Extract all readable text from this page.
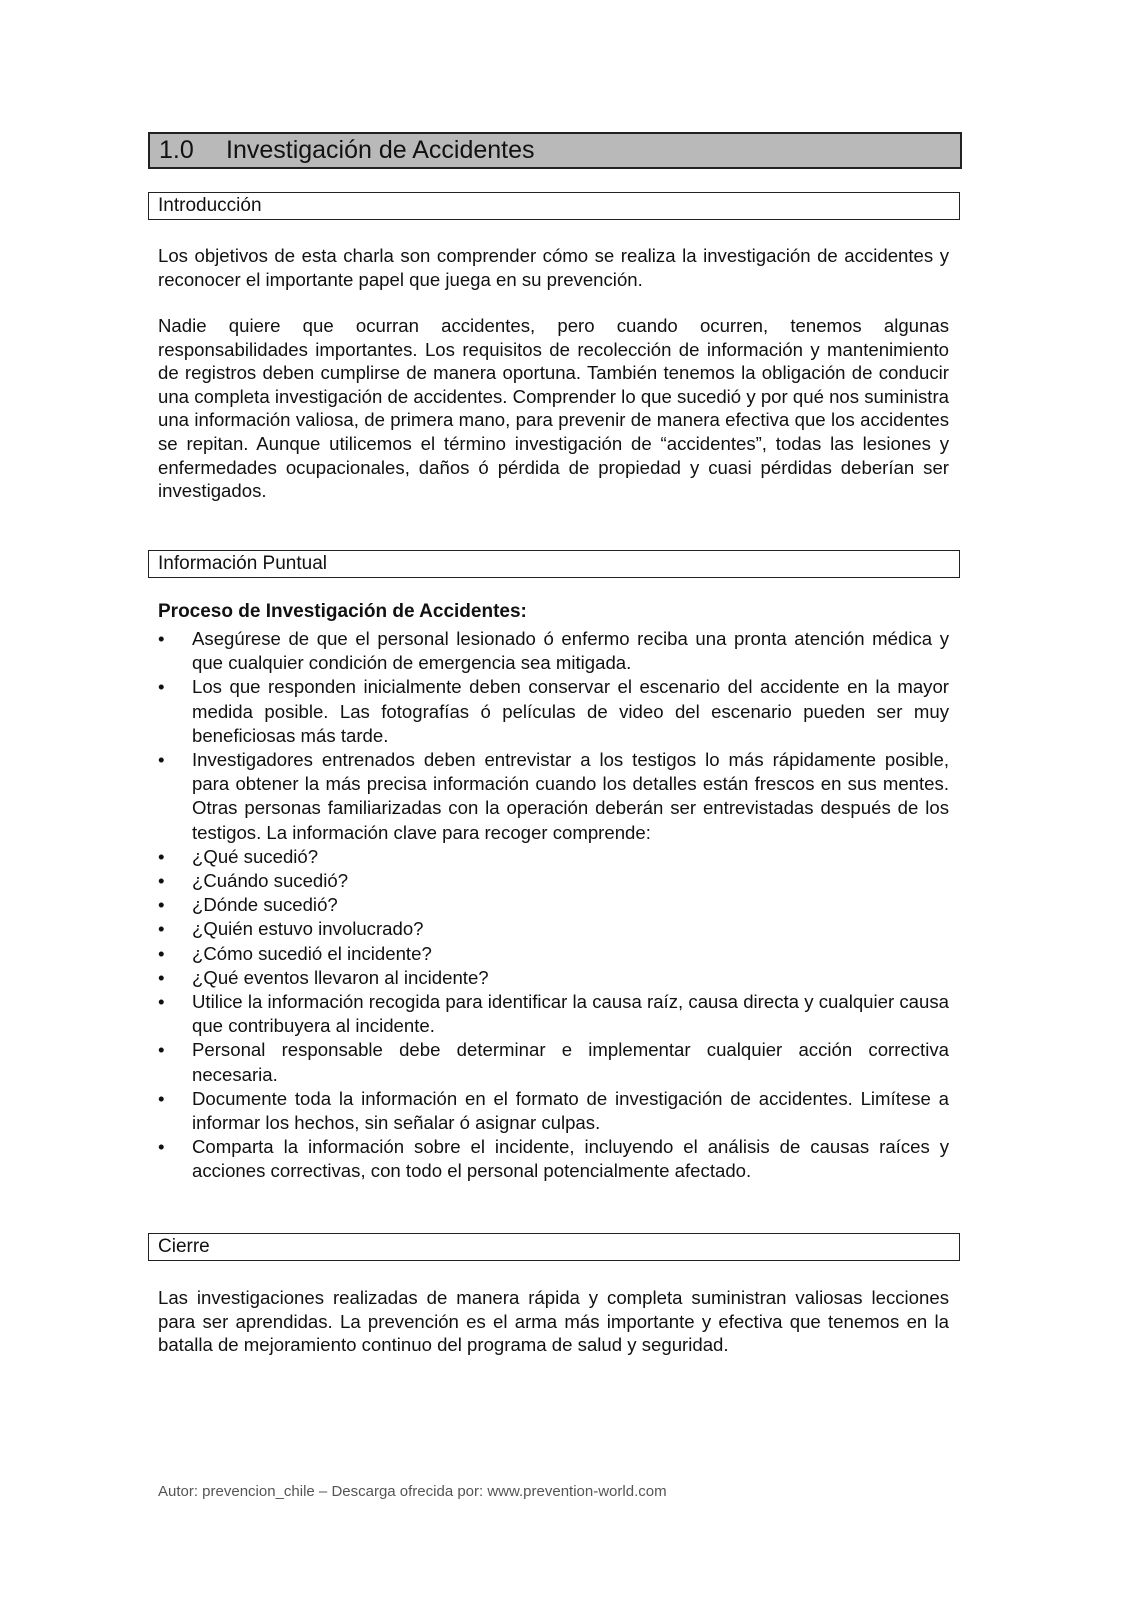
1.0 Investigación de Accidentes
Introducción

Los objetivos de esta charla son comprender cómo se realiza la investigación de accidentes y reconocer el importante papel que juega en su prevención.

Nadie quiere que ocurran accidentes, pero cuando ocurren, tenemos algunas responsabilidades importantes. Los requisitos de recolección de información y mantenimiento de registros deben cumplirse de manera oportuna. También tenemos la obligación de conducir una completa investigación de accidentes. Comprender lo que sucedió y por qué nos suministra una información valiosa, de primera mano, para prevenir de manera efectiva que los accidentes se repitan. Aunque utilicemos el término investigación de “accidentes”, todas las lesiones y enfermedades ocupacionales, daños ó pérdida de propiedad y cuasi pérdidas deberían ser investigados.

Información Puntual
Proceso de Investigación de Accidentes:
• Asegúrese de que el personal lesionado ó enfermo reciba una pronta atención médica y que cualquier condición de emergencia sea mitigada.
• Los que responden inicialmente deben conservar el escenario del accidente en la mayor medida posible. Las fotografías ó películas de video del escenario pueden ser muy beneficiosas más tarde.
• Investigadores entrenados deben entrevistar a los testigos lo más rápidamente posible, para obtener la más precisa información cuando los detalles están frescos en sus mentes. Otras personas familiarizadas con la operación deberán ser entrevistadas después de los testigos. La información clave para recoger comprende:
• ¿Qué sucedió?
• ¿Cuándo sucedió?
• ¿Dónde sucedió?
• ¿Quién estuvo involucrado?
• ¿Cómo sucedió el incidente?
• ¿Qué eventos llevaron al incidente?
• Utilice la información recogida para identificar la causa raíz, causa directa y cualquier causa que contribuyera al incidente.
• Personal responsable debe determinar e implementar cualquier acción correctiva necesaria.
• Documente toda la información en el formato de investigación de accidentes. Limítese a informar los hechos, sin señalar ó asignar culpas.
• Comparta la información sobre el incidente, incluyendo el análisis de causas raíces y acciones correctivas, con todo el personal potencialmente afectado.
Cierre

Las investigaciones realizadas de manera rápida y completa suministran valiosas lecciones para ser aprendidas. La prevención es el arma más importante y efectiva que tenemos en la batalla de mejoramiento continuo del programa de salud y seguridad.

Autor: prevencion_chile – Descarga ofrecida por: www.prevention-world.com
